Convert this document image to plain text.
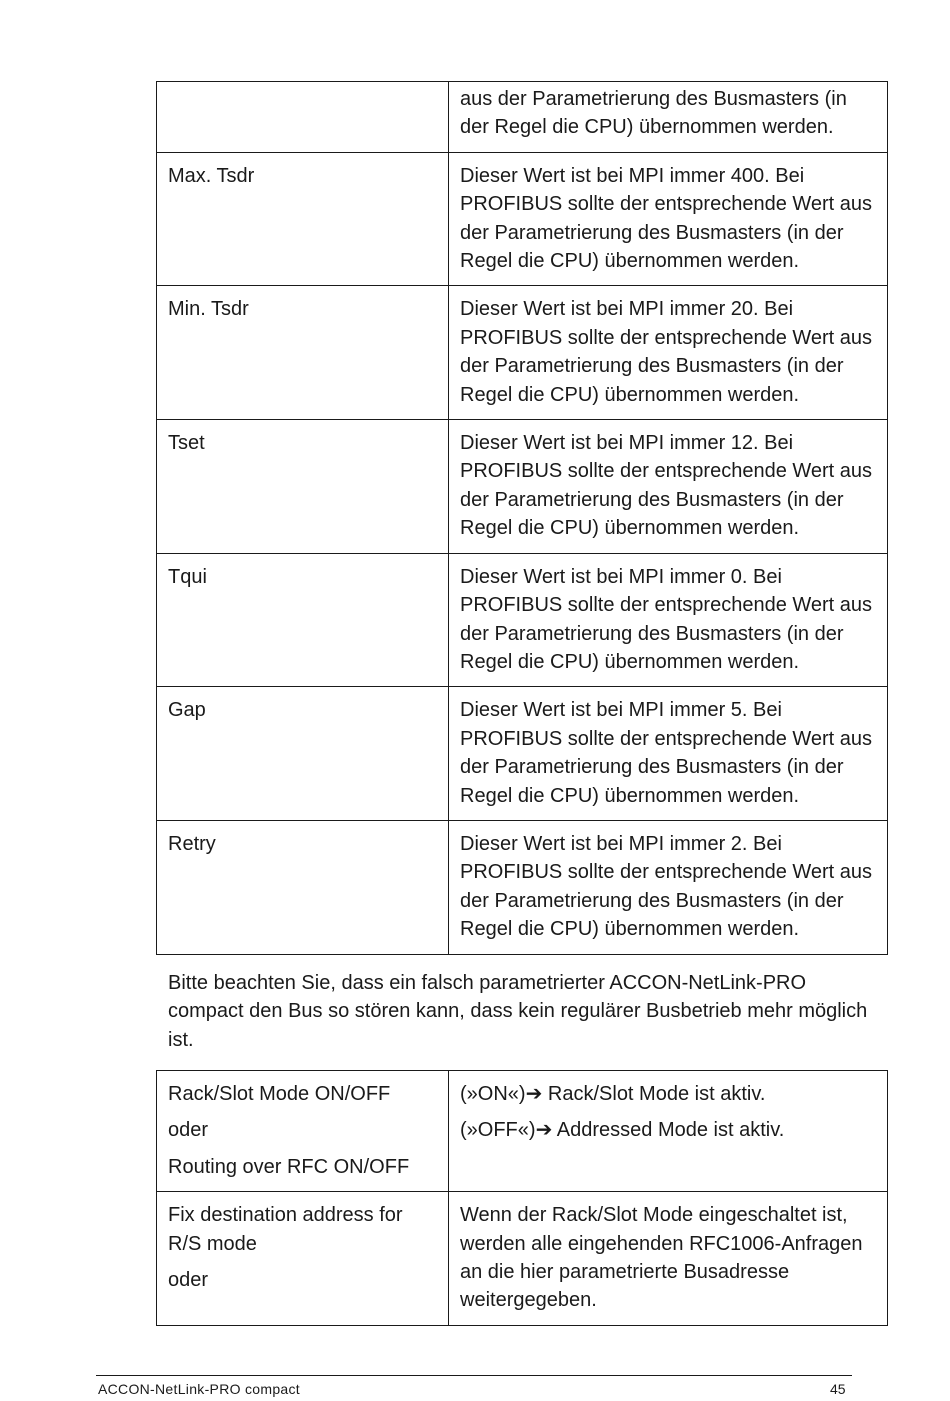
	aus der Parametrierung des Busmasters (in der Regel die CPU) übernommen werden.
Max. Tsdr	Dieser Wert ist bei MPI immer 400. Bei PROFIBUS sollte der entsprechende Wert aus der Parametrierung des Busmasters (in der Regel die CPU) übernommen werden.
Min. Tsdr	Dieser Wert ist bei MPI immer 20. Bei PROFIBUS sollte der entsprechende Wert aus der Parametrierung des Busmasters (in der Regel die CPU) übernommen werden.
Tset	Dieser Wert ist bei MPI immer 12. Bei PROFIBUS sollte der entsprechende Wert aus der Parametrierung des Busmasters (in der Regel die CPU) übernommen werden.
Tqui	Dieser Wert ist bei MPI immer 0. Bei PROFIBUS sollte der entsprechende Wert aus der Parametrierung des Busmasters (in der Regel die CPU) übernommen werden.
Gap	Dieser Wert ist bei MPI immer 5. Bei PROFIBUS sollte der entsprechende Wert aus der Parametrierung des Busmasters (in der Regel die CPU) übernommen werden.
Retry	Dieser Wert ist bei MPI immer 2. Bei PROFIBUS sollte der entsprechende Wert aus der Parametrierung des Busmasters (in der Regel die CPU) übernommen werden.

Bitte beachten Sie, dass ein falsch parametrierter ACCON-NetLink-PRO compact den Bus so stören kann, dass kein regulärer Busbetrieb mehr möglich ist.

Rack/Slot Mode ON/OFF
oder
Routing over RFC ON/OFF	(»ON«)➔ Rack/Slot Mode ist aktiv.
(»OFF«)➔ Addressed Mode ist aktiv.

Fix destination address for R/S mode
oder	Wenn der Rack/Slot Mode eingeschaltet ist, werden alle eingehenden RFC1006-Anfragen an die hier parametrierte Busadresse weitergegeben.
ACCON-NetLink-PRO compact	45
